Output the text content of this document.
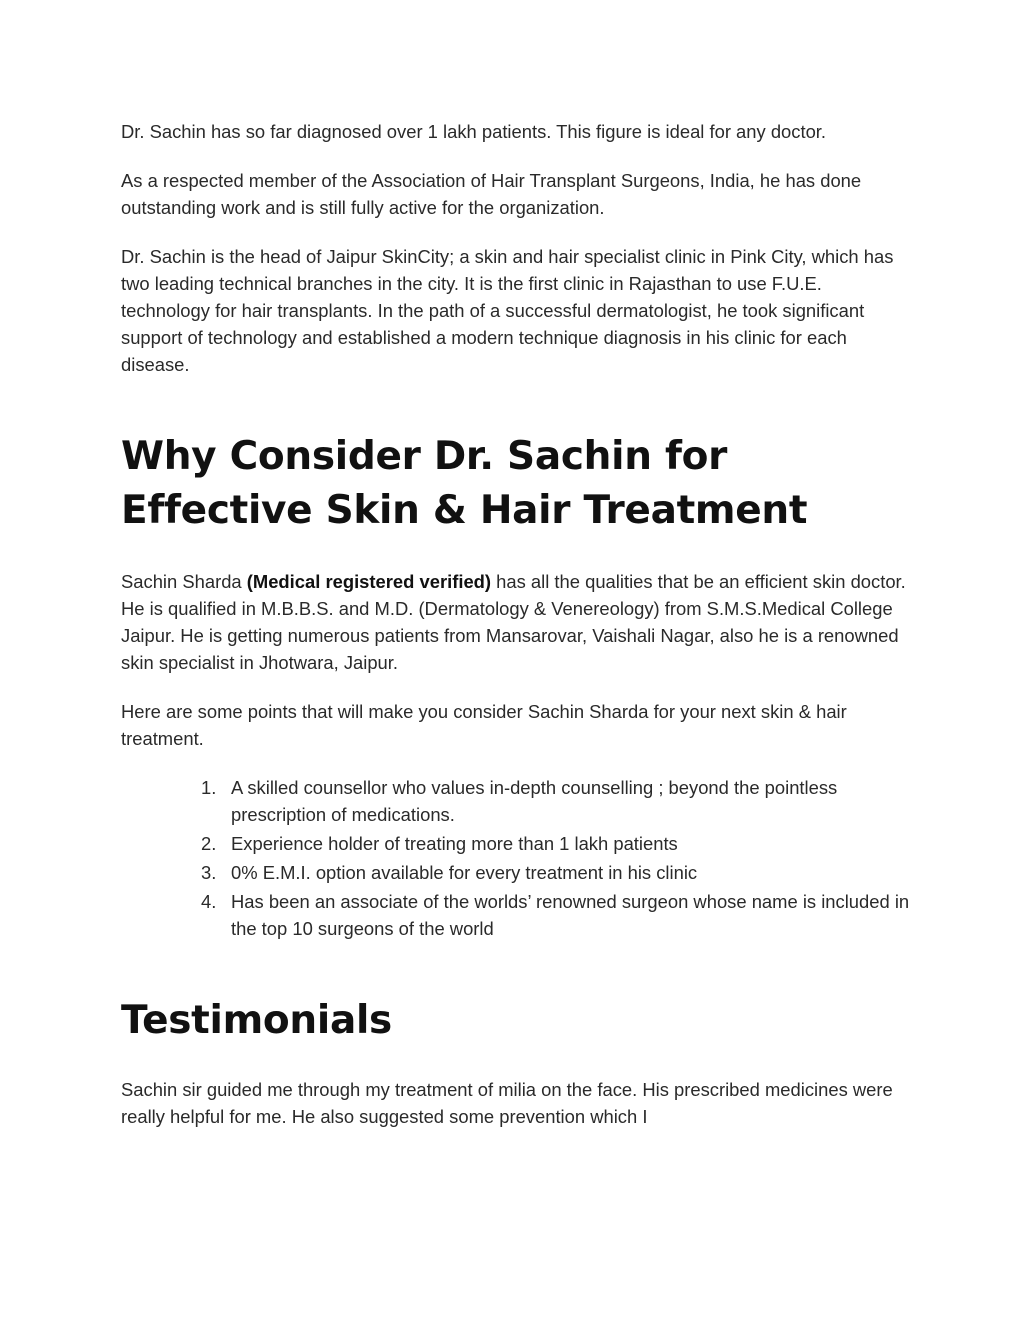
Dr. Sachin has so far diagnosed over 1 lakh patients. This figure is ideal for any doctor.

As a respected member of the Association of Hair Transplant Surgeons, India, he has done outstanding work and is still fully active for the organization.

Dr. Sachin is the head of Jaipur SkinCity; a skin and hair specialist clinic in Pink City, which has two leading technical branches in the city. It is the first clinic in Rajasthan to use F.U.E. technology for hair transplants. In the path of a successful dermatologist, he took significant support of technology and established a modern technique diagnosis in his clinic for each disease.

Why Consider Dr. Sachin for Effective Skin & Hair Treatment

Sachin Sharda (Medical registered verified) has all the qualities that be an efficient skin doctor. He is qualified in M.B.B.S. and M.D. (Dermatology & Venereology) from S.M.S.Medical College Jaipur. He is getting numerous patients from Mansarovar, Vaishali Nagar, also he is a renowned skin specialist in Jhotwara, Jaipur.

Here are some points that will make you consider Sachin Sharda for your next skin & hair treatment.

1. A skilled counsellor who values in-depth counselling ; beyond the pointless prescription of medications.
2. Experience holder of treating more than 1 lakh patients
3. 0% E.M.I. option available for every treatment in his clinic
4. Has been an associate of the worlds’ renowned surgeon whose name is included in the top 10 surgeons of the world
Testimonials

Sachin sir guided me through my treatment of milia on the face. His prescribed medicines were really helpful for me. He also suggested some prevention which I
